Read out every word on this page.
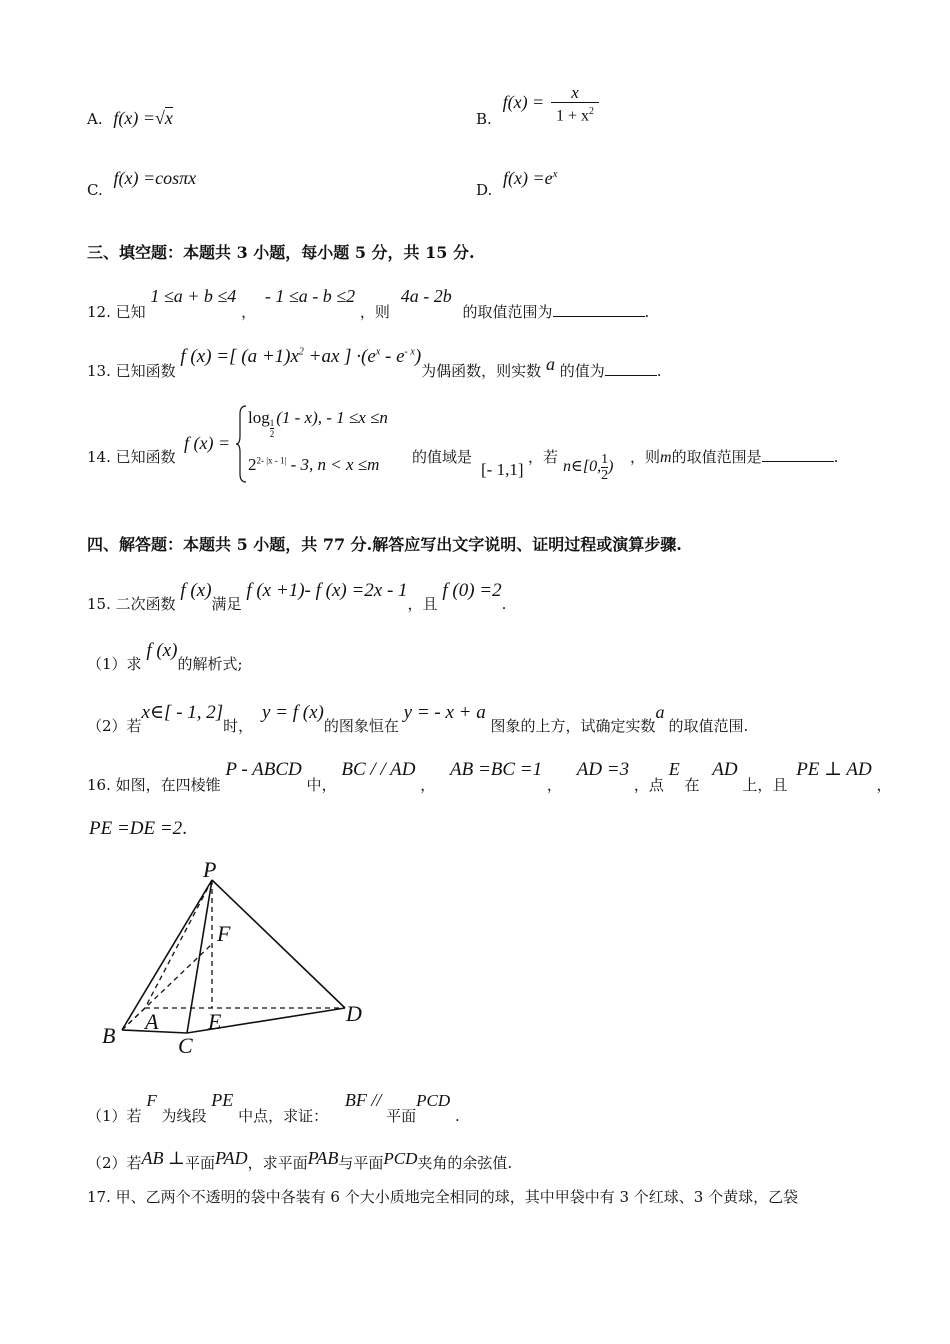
A. f(x) =√x	B. $f(x) = \frac{x}{1 + x^2}$
C. f(x) =cosπx
D. $f(x) =e^x$
三、填空题：本题共 3 小题，每小题 5 分，共 15 分.
12. 已知 1 ≤a + b ≤4 ， - 1 ≤a - b ≤2 ，则 4a - 2b 的取值范围为	.
13. 已知函数 f (x) =[ $(a +1)x^2 +ax$ ] $\cdot(e^x - e^{- x})$为偶函数，则实数 a 的值为	.
14. 已知函数
f (x) =
log
$\frac{1}{2}$
(1 - x), - 1 ≤x ≤n
$2^{2- |x - 1|} - 3$, n < x ≤m 的值域是
[- 1,1]
，若
n∈[0, $\frac{1}{2}$ )
，则m的取值范围是	.
四、解答题：本题共 5 小题，共 77 分.解答应写出文字说明、证明过程或演算步骤.
15. 二次函数 f (x)满足 f (x +1)- f (x) =2x - 1，且 f (0) =2.
（1）求 f (x)的解析式;
（2）若x∈[ - 1, 2]时， y = f (x)的图象恒在 y = - x + a 图象的上方，试确定实数a的取值范围.
16. 如图，在四棱锥 P - ABCD 中， BC / / AD ， AB =BC =1 ， AD =3 ，点 E 在 AD 上，且 PE ⊥ AD ，
PE =DE =2.
P
F
A E
B	C
D
（1）若 F 为线段 PE 中点，求证： BF // 平面PCD .
（2）若AB ⊥平面PAD，求平面PAB与平面PCD夹角的余弦值.
17. 甲、乙两个不透明的袋中各装有 6 个大小质地完全相同的球，其中甲袋中有 3 个红球、3 个黄球，乙袋
